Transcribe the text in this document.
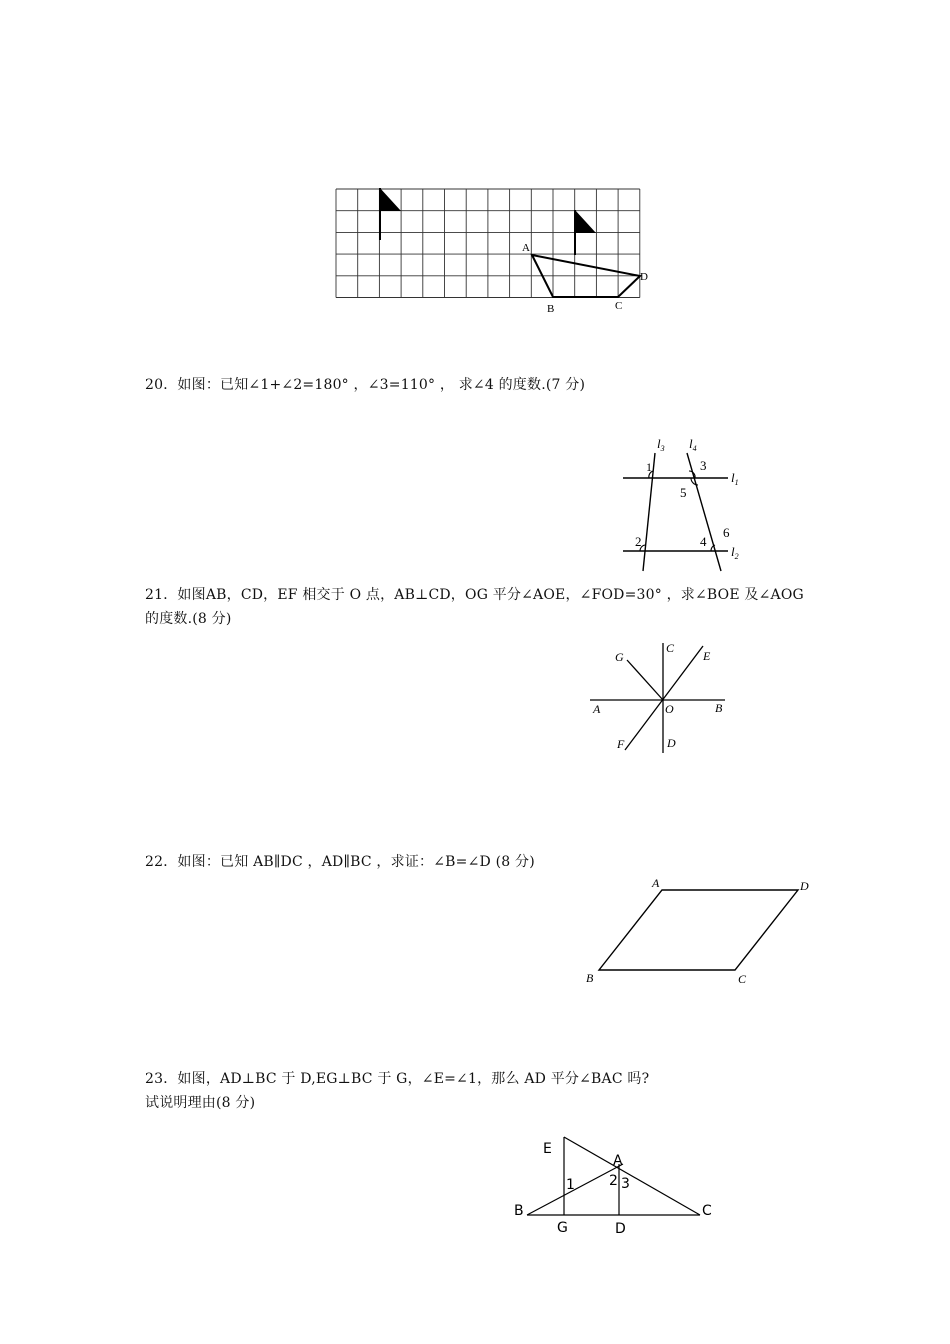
A
B	C
D
20．如图：已知∠1+∠2=180° ，∠3=110° ， 求∠4 的度数.(7 分)
$l_3$ $l_4$
$l_1$
$l_2$
1
2
3
4
5
6
21．如图AB，CD，EF 相交于 O 点，AB⊥CD，OG 平分∠AOE，∠FOD=30° ，求∠BOE 及∠AOG
的度数.(8 分)
A	B
C
D
E
F
G
O
22．如图：已知 AB∥DC ，AD∥BC ，求证：∠B=∠D (8 分)
A	D
B	C
23．如图，AD⊥BC 于 D,EG⊥BC 于 G，∠E=∠1，那么 AD 平分∠BAC 吗?
试说明理由(8 分)
E
A
B	C
G	D
1 2 3
